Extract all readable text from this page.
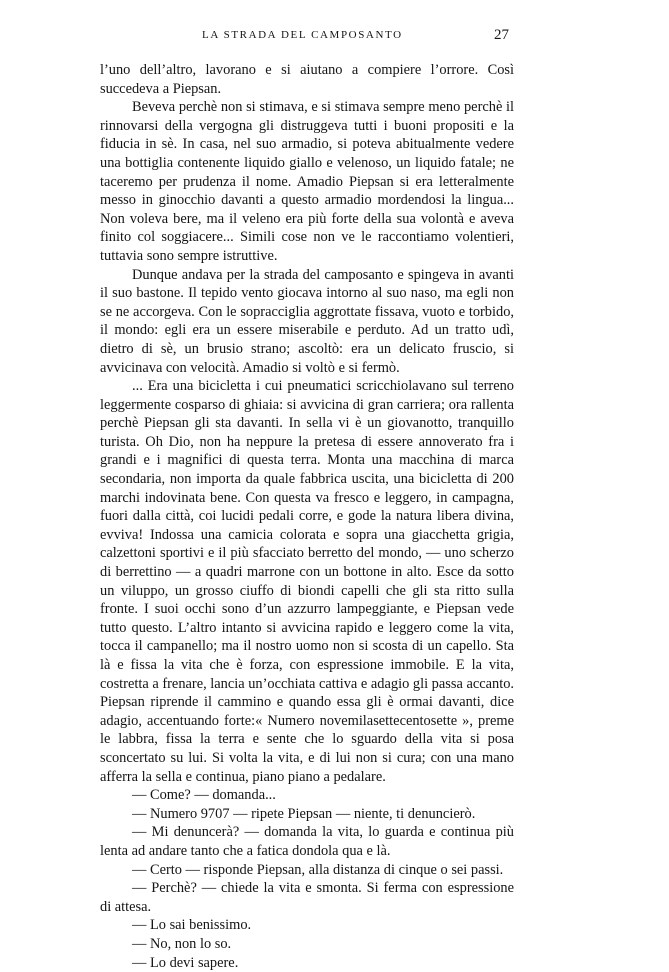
LA STRADA DEL CAMPOSANTO	27

l’uno dell’altro, lavorano e si aiutano a compiere l’orrore. Così succedeva a Piepsan.

Beveva perchè non si stimava, e si stimava sempre meno perchè il rinnovarsi della vergogna gli distruggeva tutti i buoni propositi e la fiducia in sè. In casa, nel suo armadio, si poteva abitualmente vedere una bottiglia contenente liquido giallo e velenoso, un liquido fatale; ne taceremo per prudenza il nome. Amadio Piepsan si era letteralmente messo in ginocchio davanti a questo armadio mordendosi la lingua... Non voleva bere, ma il veleno era più forte della sua volontà e aveva finito col soggiacere... Simili cose non ve le raccontiamo volentieri, tuttavia sono sempre istruttive.

Dunque andava per la strada del camposanto e spingeva in avanti il suo bastone. Il tepido vento giocava intorno al suo naso, ma egli non se ne accorgeva. Con le sopracciglia aggrottate fissava, vuoto e torbido, il mondo: egli era un essere miserabile e perduto. Ad un tratto udì, dietro di sè, un brusio strano; ascoltò: era un delicato fruscio, si avvicinava con velocità. Amadio si voltò e si fermò.

... Era una bicicletta i cui pneumatici scricchiolavano sul terreno leggermente cosparso di ghiaia: si avvicina di gran carriera; ora rallenta perchè Piepsan gli sta davanti. In sella vi è un giovanotto, tranquillo turista. Oh Dio, non ha neppure la pretesa di essere annoverato fra i grandi e i magnifici di questa terra. Monta una macchina di marca secondaria, non importa da quale fabbrica uscita, una bicicletta di 200 marchi indovinata bene. Con questa va fresco e leggero, in campagna, fuori dalla città, coi lucidi pedali corre, e gode la natura libera divina, evviva! Indossa una camicia colorata e sopra una giacchetta grigia, calzettoni sportivi e il più sfacciato berretto del mondo, — uno scherzo di berrettino — a quadri marrone con un bottone in alto. Esce da sotto un viluppo, un grosso ciuffo di biondi capelli che gli sta ritto sulla fronte. I suoi occhi sono d’un azzurro lampeggiante, e Piepsan vede tutto questo. L’altro intanto si avvicina rapido e leggero come la vita, tocca il campanello; ma il nostro uomo non si scosta di un capello. Sta là e fissa la vita che è forza, con espressione immobile. E la vita, costretta a frenare, lancia un’occhiata cattiva e adagio gli passa accanto. Piepsan riprende il cammino e quando essa gli è ormai davanti, dice adagio, accentuando forte:« Numero novemilasettecentosette », preme le labbra, fissa la terra e sente che lo sguardo della vita si posa sconcertato su lui. Si volta la vita, e di lui non si cura; con una mano afferra la sella e continua, piano piano a pedalare.

— Come? — domanda...

— Numero 9707 — ripete Piepsan — niente, ti denuncierò.

— Mi denuncerà? — domanda la vita, lo guarda e continua più lenta ad andare tanto che a fatica dondola qua e là.

— Certo — risponde Piepsan, alla distanza di cinque o sei passi.

— Perchè? — chiede la vita e smonta. Si ferma con espressione di attesa.

— Lo sai benissimo.

— No, non lo so.

— Lo devi sapere.
